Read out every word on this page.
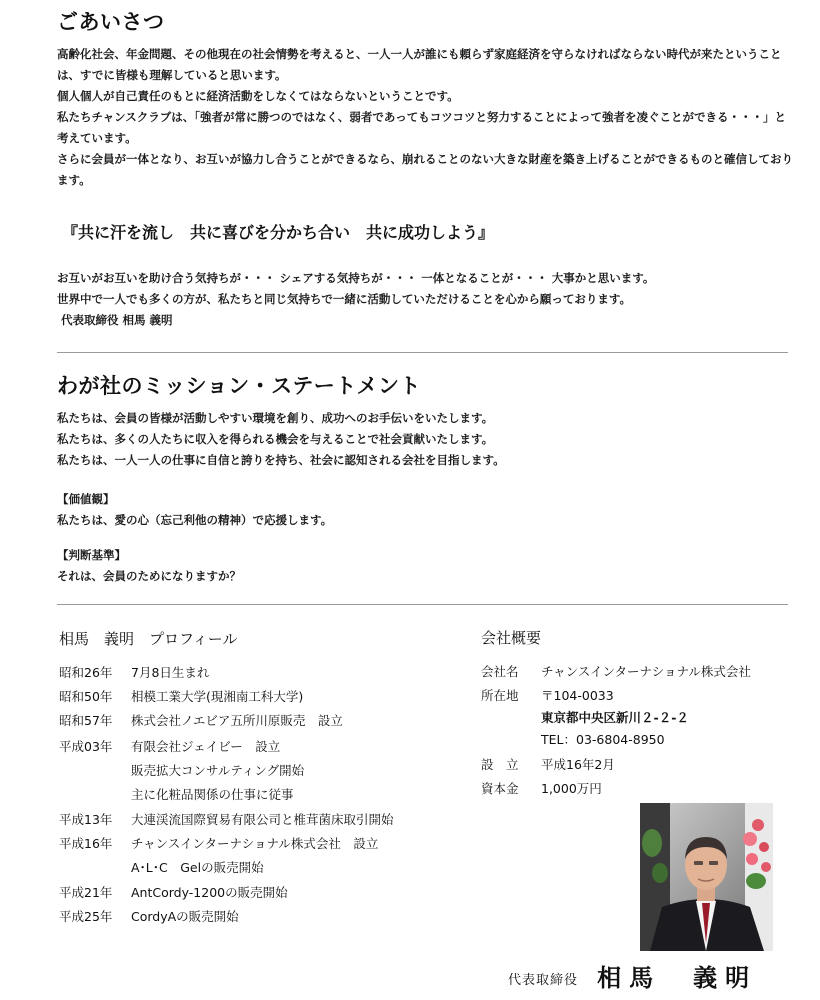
ごあいさつ

高齢化社会、年金問題、その他現在の社会情勢を考えると、一人一人が誰にも頼らず家庭経済を守らなければならない時代が来たということは、すでに皆様も理解していると思います。

個人個人が自己責任のもとに経済活動をしなくてはならないということです。

私たちチャンスクラブは、「強者が常に勝つのではなく、弱者であってもコツコツと努力することによって強者を凌ぐことができる・・・」と考えています。

さらに会員が一体となり、お互いが協力し合うことができるなら、崩れることのない大きな財産を築き上げることができるものと確信しております。

『共に汗を流し　共に喜びを分かち合い　共に成功しよう』

お互いがお互いを助け合う気持ちが・・・ シェアする気持ちが・・・ 一体となることが・・・ 大事かと思います。

世界中で一人でも多くの方が、私たちと同じ気持ちで一緒に活動していただけることを心から願っております。

代表取締役 相馬 義明

わが社のミッション・ステートメント

私たちは、会員の皆様が活動しやすい環境を創り、成功へのお手伝いをいたします。

私たちは、多くの人たちに収入を得られる機会を与えることで社会貢献いたします。

私たちは、一人一人の仕事に自信と誇りを持ち、社会に認知される会社を目指します。

【価値観】

私たちは、愛の心（忘己利他の精神）で応援します。

【判断基準】

それは、会員のためになりますか？

相馬　義明　プロフィール
昭和26年	7月8日生まれ
昭和50年	相模工業大学(現湘南工科大学)
昭和57年	株式会社ノエビア五所川原販売　設立
平成03年	有限会社ジェイビー　設立
販売拡大コンサルティング開始
主に化粧品関係の仕事に従事
平成13年	大連渓流国際貿易有限公司と椎茸菌床取引開始
平成16年	チャンスインターナショナル株式会社　設立
A･L･C　Gelの販売開始
平成21年	AntCordy-1200の販売開始
平成25年	CordyAの販売開始
会社概要
会社名	チャンスインターナショナル株式会社
所在地	〒104-0033
東京都中央区新川２-２-２
TEL：03-6804-8950
設　立	平成16年2月
資本金	1,000万円
代表取締役 相馬　義明
